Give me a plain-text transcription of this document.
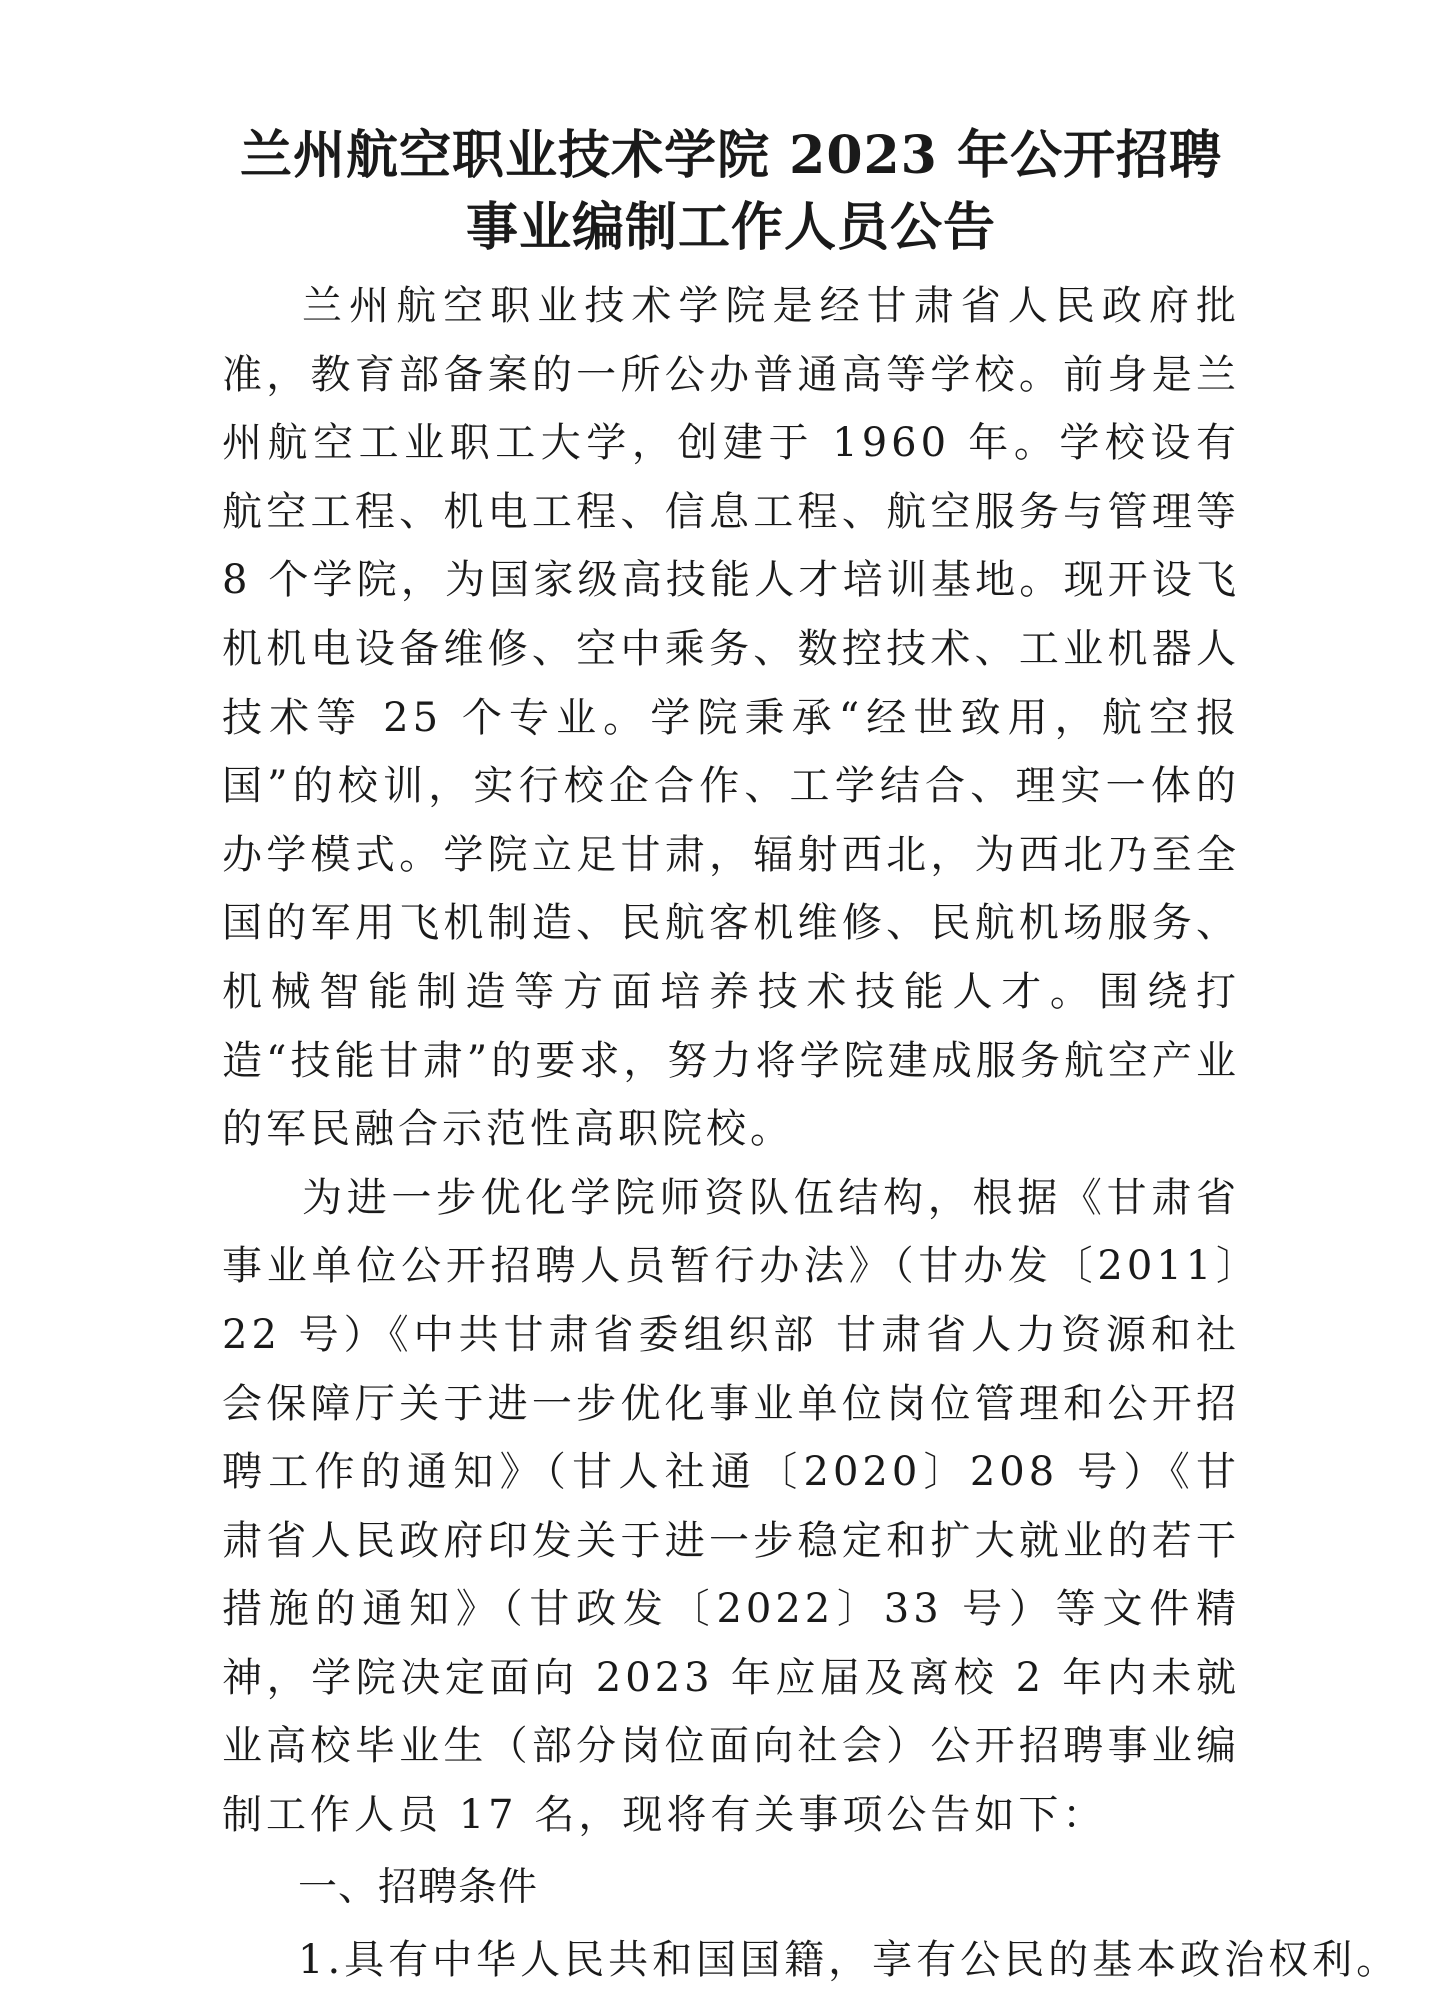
兰州航空职业技术学院 2023 年公开招聘
事业编制工作人员公告

兰州航空职业技术学院是经甘肃省人民政府批准，教育部备案的一所公办普通高等学校。前身是兰州航空工业职工大学，创建于 1960 年。学校设有航空工程、机电工程、信息工程、航空服务与管理等 8 个学院，为国家级高技能人才培训基地。现开设飞机机电设备维修、空中乘务、数控技术、工业机器人技术等 25 个专业。学院秉承“经世致用，航空报国”的校训，实行校企合作、工学结合、理实一体的办学模式。学院立足甘肃，辐射西北，为西北乃至全国的军用飞机制造、民航客机维修、民航机场服务、机械智能制造等方面培养技术技能人才。围绕打造“技能甘肃”的要求，努力将学院建成服务航空产业的军民融合示范性高职院校。

为进一步优化学院师资队伍结构，根据《甘肃省事业单位公开招聘人员暂行办法》（甘办发〔2011〕22 号）《中共甘肃省委组织部 甘肃省人力资源和社会保障厅关于进一步优化事业单位岗位管理和公开招聘工作的通知》（甘人社通〔2020〕208 号）《甘肃省人民政府印发关于进一步稳定和扩大就业的若干措施的通知》（甘政发〔2022〕33 号）等文件精神，学院决定面向 2023 年应届及离校 2 年内未就业高校毕业生（部分岗位面向社会）公开招聘事业编制工作人员 17 名，现将有关事项公告如下：

一、招聘条件

1.具有中华人民共和国国籍，享有公民的基本政治权利。
